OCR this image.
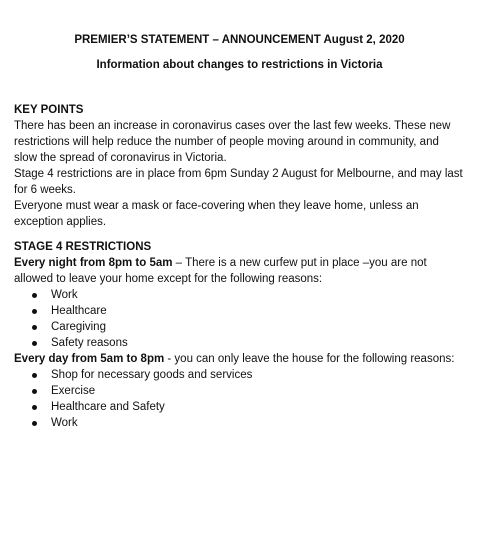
PREMIER’S STATEMENT – ANNOUNCEMENT August 2, 2020
Information about changes to restrictions in Victoria
KEY POINTS

There has been an increase in coronavirus cases over the last few weeks. These new restrictions will help reduce the number of people moving around in community, and slow the spread of coronavirus in Victoria.

Stage 4 restrictions are in place from 6pm Sunday 2 August for Melbourne, and may last for 6 weeks.

Everyone must wear a mask or face-covering when they leave home, unless an exception applies.

STAGE 4 RESTRICTIONS

Every night from 8pm to 5am – There is a new curfew put in place –you are not allowed to leave your home except for the following reasons:

Work
Healthcare
Caregiving
Safety reasons

Every day from 5am to 8pm - you can only leave the house for the following reasons:

Shop for necessary goods and services
Exercise
Healthcare and Safety
Work
